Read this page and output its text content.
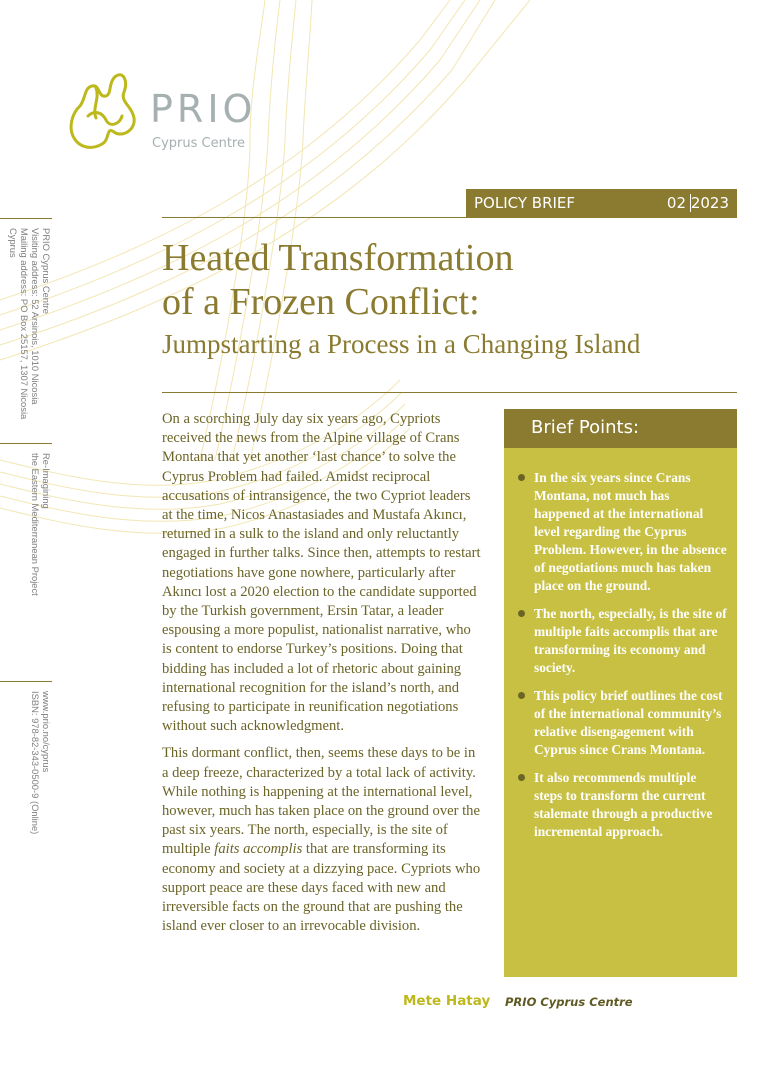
PRIO
Cyprus Centre
PRIO Cyprus Centre
Visiting address: 52 Arsinois, 1010 Nicosia
Mailing address: PO Box 25157, 1307 Nicosia
Cyprus
Re-Imagining
the Eastern Mediterranean Project
www.prio.no/cyprus
ISBN: 978-82-343-0500-9 (Online)
POLICY BRIEF	02 2023
Heated Transformation
of a Frozen Conflict:
Jumpstarting a Process in a Changing Island

On a scorching July day six years ago, Cypriots received the news from the Alpine village of Crans Montana that yet another ‘last chance’ to solve the Cyprus Problem had failed. Amidst reciprocal accusations of intransigence, the two Cypriot leaders at the time, Nicos Anastasiades and Mustafa Akıncı, returned in a sulk to the island and only reluctantly engaged in further talks. Since then, attempts to restart negotiations have gone nowhere, particularly after Akıncı lost a 2020 election to the candidate supported by the Turkish government, Ersin Tatar, a leader espousing a more populist, nationalist narrative, who is content to endorse Turkey’s positions. Doing that bidding has included a lot of rhetoric about gaining international recognition for the island’s north, and refusing to participate in reunification negotiations without such acknowledgment.

This dormant conflict, then, seems these days to be in a deep freeze, characterized by a total lack of activity. While nothing is happening at the international level, however, much has taken place on the ground over the past six years. The north, especially, is the site of multiple faits accomplis that are transforming its economy and society at a dizzying pace. Cypriots who support peace are these days faced with new and irreversible facts on the ground that are pushing the island ever closer to an irrevocable division.

Brief Points:
In the six years since Crans Montana, not much has happened at the international level regarding the Cyprus Problem. However, in the absence of negotiations much has taken place on the ground.
The north, especially, is the site of multiple faits accomplis that are transforming its economy and society.
This policy brief outlines the cost of the international community’s relative disengagement with Cyprus since Crans Montana.
It also recommends multiple steps to transform the current stalemate through a productive incremental approach.
Mete Hatay PRIO Cyprus Centre
